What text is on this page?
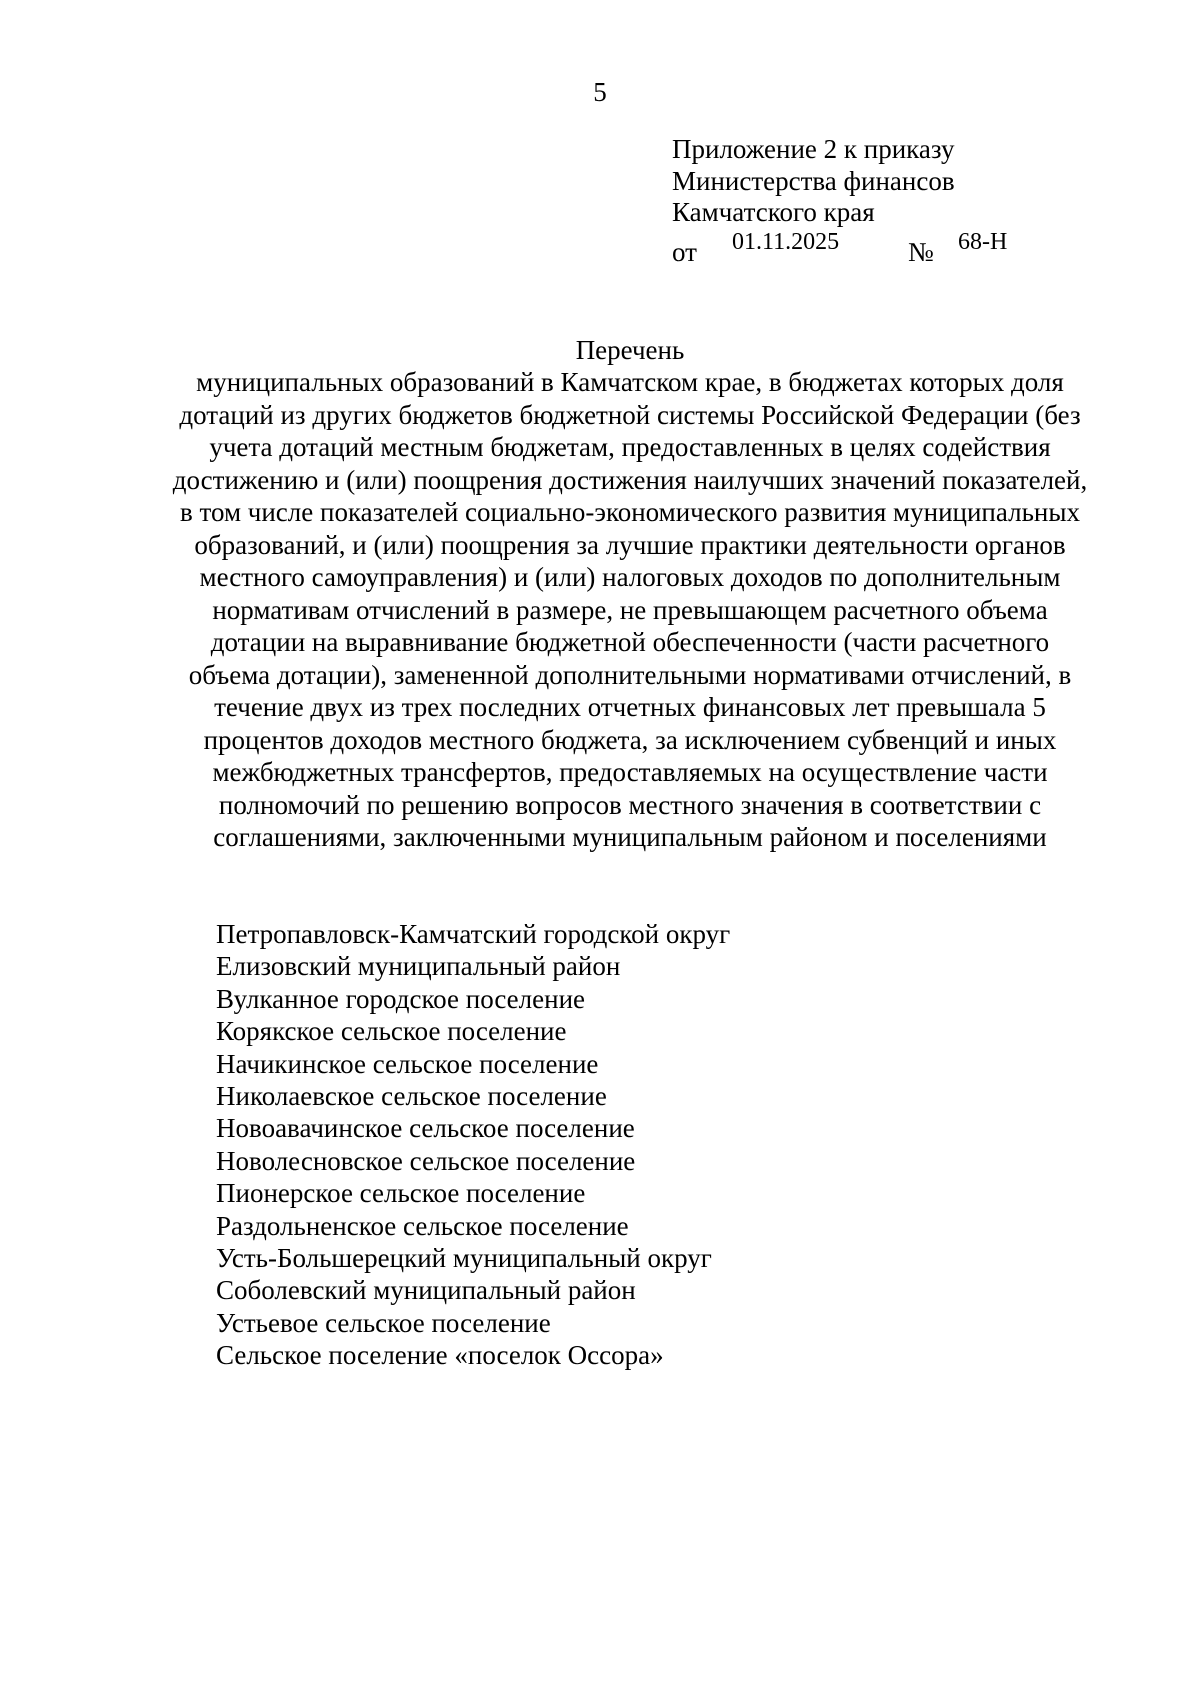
5
Приложение 2 к приказу
Министерства финансов
Камчатского края
от 01.11.2025	№ 68-Н
Перечень
муниципальных образований в Камчатском крае, в бюджетах которых доля
дотаций из других бюджетов бюджетной системы Российской Федерации (без
учета дотаций местным бюджетам, предоставленных в целях содействия
достижению и (или) поощрения достижения наилучших значений показателей,
в том числе показателей социально-экономического развития муниципальных
образований, и (или) поощрения за лучшие практики деятельности органов
местного самоуправления) и (или) налоговых доходов по дополнительным
нормативам отчислений в размере, не превышающем расчетного объема
дотации на выравнивание бюджетной обеспеченности (части расчетного
объема дотации), замененной дополнительными нормативами отчислений, в
течение двух из трех последних отчетных финансовых лет превышала 5
процентов доходов местного бюджета, за исключением субвенций и иных
межбюджетных трансфертов, предоставляемых на осуществление части
полномочий по решению вопросов местного значения в соответствии с
соглашениями, заключенными муниципальным районом и поселениями
Петропавловск-Камчатский городской округ
Елизовский муниципальный район
Вулканное городское поселение
Корякское сельское поселение
Начикинское сельское поселение
Николаевское сельское поселение
Новоавачинское сельское поселение
Новолесновское сельское поселение
Пионерское сельское поселение
Раздольненское сельское поселение
Усть-Большерецкий муниципальный округ
Соболевский муниципальный район
Устьевое сельское поселение
Сельское поселение «поселок Оссора»
